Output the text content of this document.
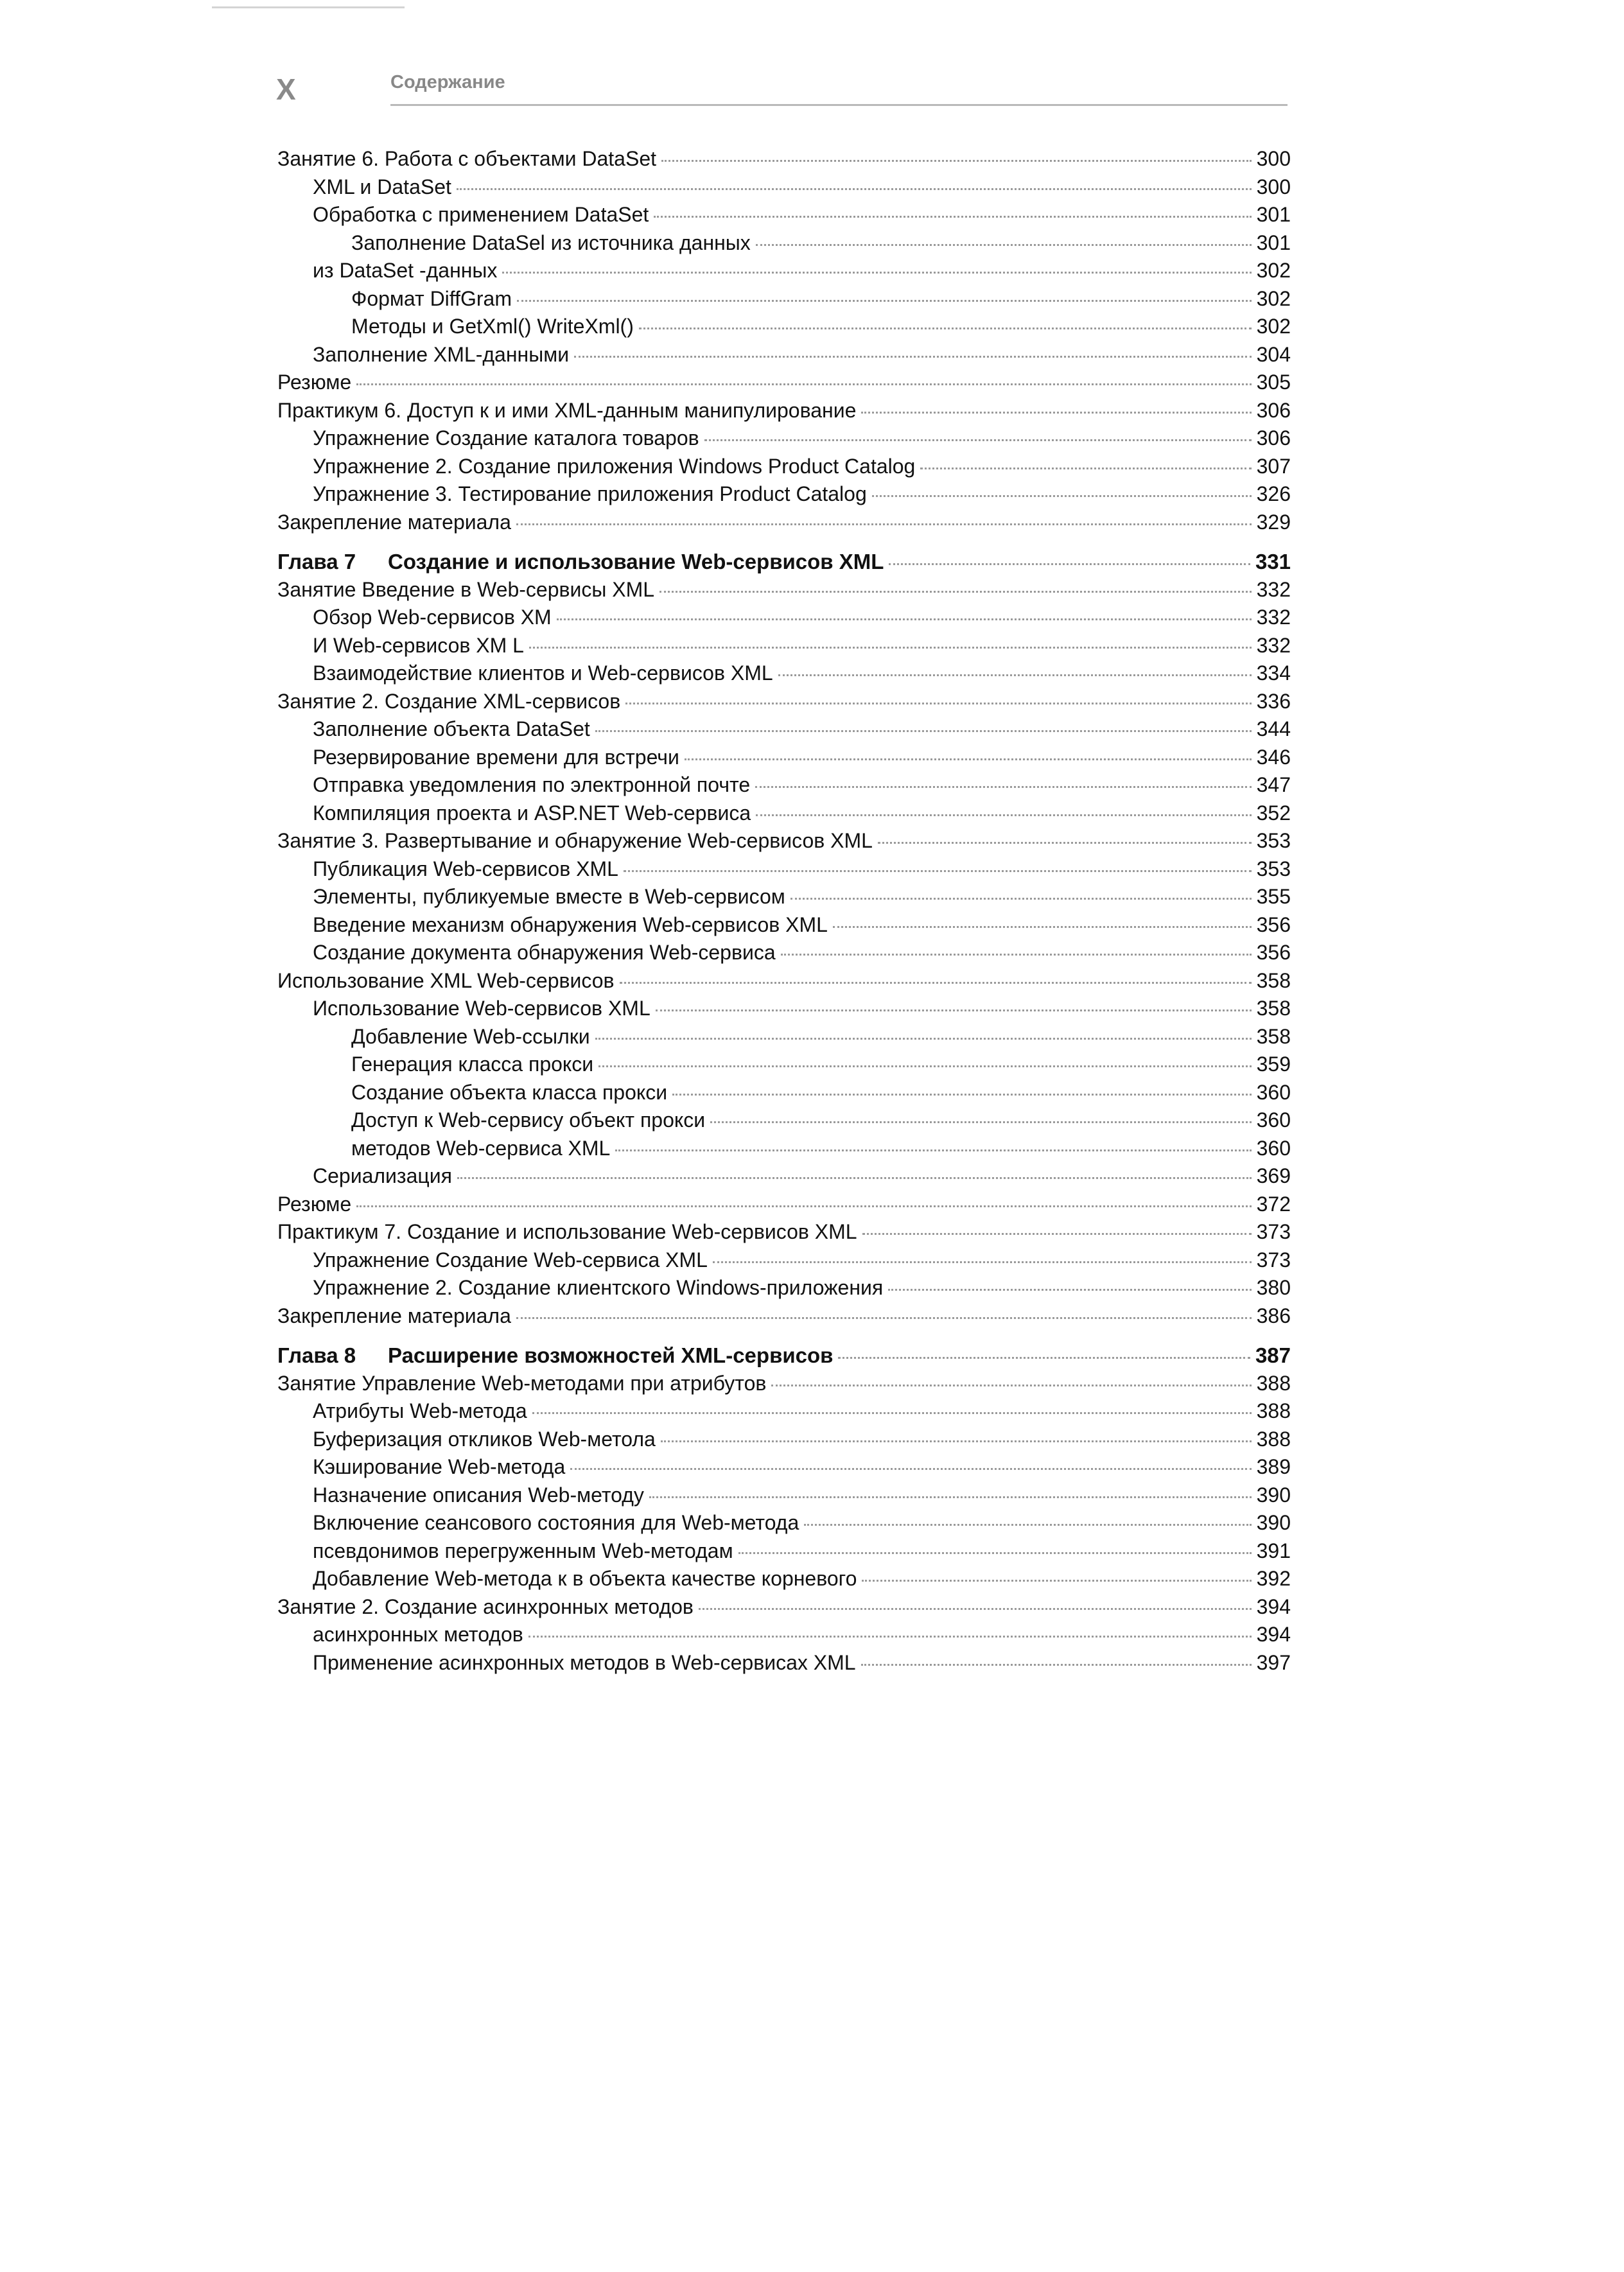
X	Содержание
Занятие 6. Работа с объектами DataSet	300
XML и DataSet	300
Обработка с применением DataSet	301
Заполнение DataSel из источника данных	301
из DataSet -данных	302
Формат DiffGram	302
Методы и GetXml() WriteXml()	302
Заполнение XML-данными	304
Резюме	305
Практикум 6. Доступ к и ими XML-данным манипулирование	306
Упражнение Создание каталога товаров	306
Упражнение 2. Создание приложения Windows Product Catalog	307
Упражнение 3. Тестирование приложения Product Catalog	326
Закрепление материала	329
Глава 7	Создание и использование Web-сервисов XML	331
Занятие Введение в Web-сервисы XML	332
Обзор Web-сервисов XM	332
И Web-сервисов XM L	332
Взаимодействие клиентов и Web-сервисов XML	334
Занятие 2. Создание XML-сервисов	336
Заполнение объекта DataSet	344
Резервирование времени для встречи	346
Отправка уведомления по электронной почте	347
Компиляция проекта и ASP.NET Web-сервиса	352
Занятие 3. Развертывание и обнаружение Web-сервисов XML	353
Публикация Web-сервисов XML	353
Элементы, публикуемые вместе в Web-сервисом	355
Введение механизм обнаружения Web-сервисов XML	356
Создание документа обнаружения Web-сервиса	356
Использование XML Web-сервисов	358
Использование Web-сервисов XML	358
Добавление Web-ссылки	358
Генерация класса прокси	359
Создание объекта класса прокси	360
Доступ к Web-сервису объект прокси	360
методов Web-сервиса XML	360
Сериализация	369
Резюме	372
Практикум 7. Создание и использование Web-сервисов XML	373
Упражнение Создание Web-сервиса XML	373
Упражнение 2. Создание клиентского Windows-приложения	380
Закрепление материала	386
Глава 8	Расширение возможностей XML-сервисов	387
Занятие Управление Web-методами при атрибутов	388
Атрибуты Web-метода	388
Буферизация откликов Web-метола	388
Кэширование Web-метода	389
Назначение описания Web-методу	390
Включение сеансового состояния для Web-метода	390
псевдонимов перегруженным Web-методам	391
Добавление Web-метода к в объекта качестве корневого	392
Занятие 2. Создание асинхронных методов	394
асинхронных методов	394
Применение асинхронных методов в Web-сервисах XML	397
